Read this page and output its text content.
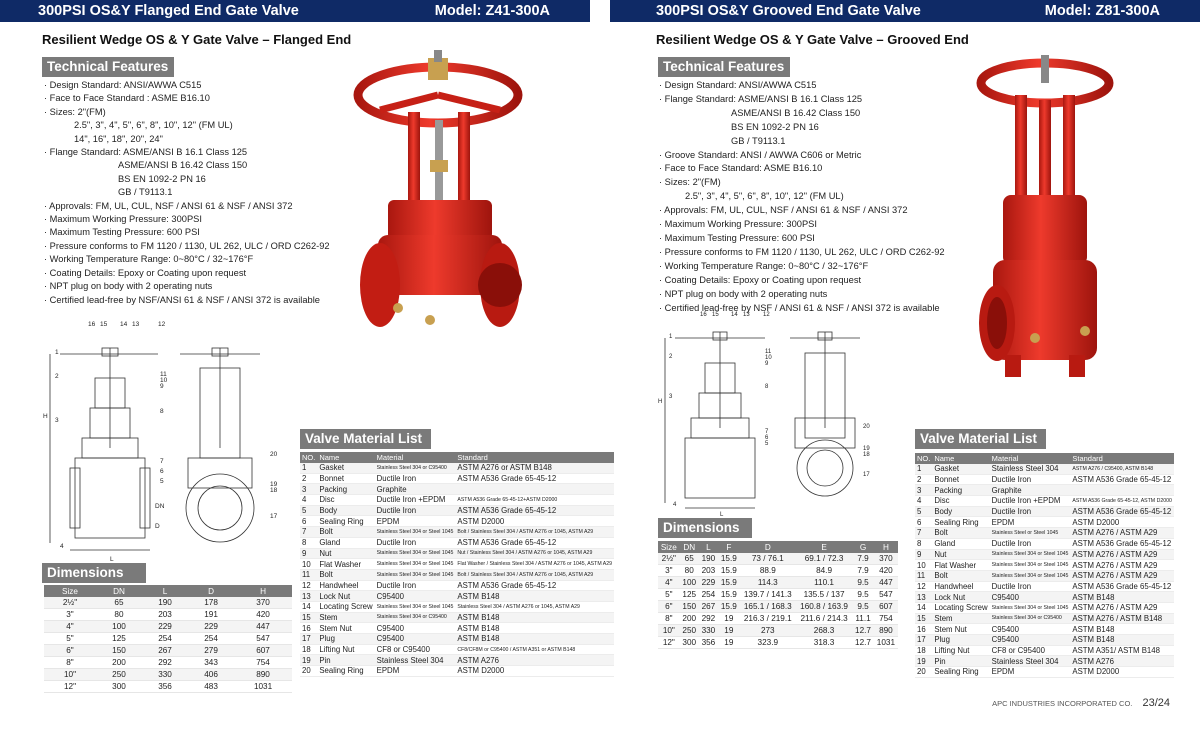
300PSI OS&Y Flanged End Gate Valve	Model: Z41-300A
Resilient Wedge OS & Y Gate Valve – Flanged End
Technical Features
· Design Standard: ANSI/AWWA C515
· Face to Face Standard : ASME B16.10
· Sizes: 2"(FM)
2.5", 3", 4", 5", 6", 8", 10", 12" (FM UL)
14", 16", 18", 20", 24"
· Flange Standard: ASME/ANSI B 16.1 Class 125
ASME/ANSI B 16.42 Class 150
BS EN 1092-2 PN 16
GB / T9113.1
· Approvals: FM, UL, CUL, NSF / ANSI 61 & NSF / ANSI 372
· Maximum Working Pressure: 300PSI
· Maximum Testing Pressure: 600 PSI
· Pressure conforms to FM 1120 / 1130, UL 262, ULC / ORD C262-92
· Working Temperature Range: 0~80°C / 32~176°F
· Coating Details: Epoxy or Coating upon request
· NPT plug on body with 2 operating nuts
· Certified lead-free by NSF/ANSI 61 & NSF / ANSI 372 is available
16 15 14 13	12
1
2
3
11
10
9
8
7
6
5
4
20
19
18
17
H
L
DN
D
Dimensions
Size	DN	L	D	H
2½"	65	190	178	370
3"	80	203	191	420
4"	100	229	229	447
5"	125	254	254	547
6"	150	267	279	607
8"	200	292	343	754
10"	250	330	406	890
12"	300	356	483	1031
Valve Material List
NO.	Name	Material	Standard
1	Gasket	Stainless Steel 304 or C95400	ASTM A276 or ASTM B148
2	Bonnet	Ductile Iron	ASTM A536 Grade 65-45-12
3	Packing	Graphite	
4	Disc	Ductile Iron +EPDM	ASTM A536 Grade 65-45-12+ASTM D2000
5	Body	Ductile Iron	ASTM A536 Grade 65-45-12
6	Sealing Ring	EPDM	ASTM D2000
7	Bolt	Stainless Steel 304 or Steel 1045	Bolt / Stainless Steel 304 / ASTM A276 or 1045, ASTM A29
8	Gland	Ductile Iron	ASTM A536 Grade 65-45-12
9	Nut	Stainless Steel 304 or Steel 1045	Nut / Stainless Steel 304 / ASTM A276 or 1045, ASTM A29
10	Flat Washer	Stainless Steel 304 or Steel 1045	Flat Washer / Stainless Steel 304 / ASTM A276 or 1045, ASTM A29
11	Bolt	Stainless Steel 304 or Steel 1045	Bolt / Stainless Steel 304 / ASTM A276 or 1045, ASTM A29
12	Handwheel	Ductile Iron	ASTM A536 Grade 65-45-12
13	Lock Nut	C95400	ASTM B148
14	Locating Screw	Stainless Steel 304 or Steel 1045	Stainless Steel 304 / ASTM A276 or 1045, ASTM A29
15	Stem	Stainless Steel 304 or C95400	ASTM B148
16	Stem Nut	C95400	ASTM B148
17	Plug	C95400	ASTM B148
18	Lifting Nut	CF8 or C95400	CF8/CF8M or C95400 / ASTM A351 or ASTM B148
19	Pin	Stainless Steel 304	ASTM A276
20	Sealing Ring	EPDM	ASTM D2000
300PSI OS&Y Grooved End Gate Valve	Model: Z81-300A
Resilient Wedge OS & Y Gate Valve – Grooved End
Technical Features
· Design Standard: ANSI/AWWA C515
· Flange Standard: ASME/ANSI B 16.1 Class 125
ASME/ANSI B 16.42 Class 150
BS EN 1092-2 PN 16
GB / T9113.1
· Groove Standard: ANSI / AWWA C606 or Metric
· Face to Face Standard: ASME B16.10
· Sizes: 2"(FM)
2.5", 3", 4", 5", 6", 8", 10", 12" (FM UL)
· Approvals: FM, UL, CUL, NSF / ANSI 61 & NSF / ANSI 372
· Maximum Working Pressure: 300PSI
· Maximum Testing Pressure: 600 PSI
· Pressure conforms to FM 1120 / 1130, UL 262, ULC / ORD C262-92
· Working Temperature Range: 0~80°C / 32~176°F
· Coating Details: Epoxy or Coating upon request
· NPT plug on body with 2 operating nuts
· Certified lead-free by NSF / ANSI 61 & NSF / ANSI 372 is available
16 15 14 13 12
1
2
3
11
10
9
8
7
6
5
4
20
19
18
17
H
L
Dimensions
Size	DN	L	F	D	E	G	H
2½"	65	190	15.9	73 / 76.1	69.1 / 72.3	7.9	370
3"	80	203	15.9	88.9	84.9	7.9	420
4"	100	229	15.9	114.3	110.1	9.5	447
5"	125	254	15.9	139.7 / 141.3	135.5 / 137	9.5	547
6"	150	267	15.9	165.1 / 168.3	160.8 / 163.9	9.5	607
8"	200	292	19	216.3 / 219.1	211.6 / 214.3	11.1	754
10"	250	330	19	273	268.3	12.7	890
12"	300	356	19	323.9	318.3	12.7	1031
Valve Material List
NO.	Name	Material	Standard
1	Gasket	Stainless Steel 304	ASTM A276 / C95400, ASTM B148
2	Bonnet	Ductile Iron	ASTM A536 Grade 65-45-12
3	Packing	Graphite	
4	Disc	Ductile Iron +EPDM	ASTM A536 Grade 65-45-12, ASTM D2000
5	Body	Ductile Iron	ASTM A536 Grade 65-45-12
6	Sealing Ring	EPDM	ASTM D2000
7	Bolt	Stainless Steel or Steel 1045	ASTM A276 / ASTM A29
8	Gland	Ductile Iron	ASTM A536 Grade 65-45-12
9	Nut	Stainless Steel 304 or Steel 1045	ASTM A276 / ASTM A29
10	Flat Washer	Stainless Steel 304 or Steel 1045	ASTM A276 / ASTM A29
11	Bolt	Stainless Steel 304 or Steel 1045	ASTM A276 / ASTM A29
12	Handwheel	Ductile Iron	ASTM A536 Grade 65-45-12
13	Lock Nut	C95400	ASTM B148
14	Locating Screw	Stainless Steel 304 or Steel 1045	ASTM A276 / ASTM A29
15	Stem	Stainless Steel 304 or C95400	ASTM A276 / ASTM B148
16	Stem Nut	C95400	ASTM B148
17	Plug	C95400	ASTM B148
18	Lifting Nut	CF8 or C95400	ASTM A351/ ASTM B148
19	Pin	Stainless Steel 304	ASTM A276
20	Sealing Ring	EPDM	ASTM D2000
APC INDUSTRIES INCORPORATED CO. 23/24
